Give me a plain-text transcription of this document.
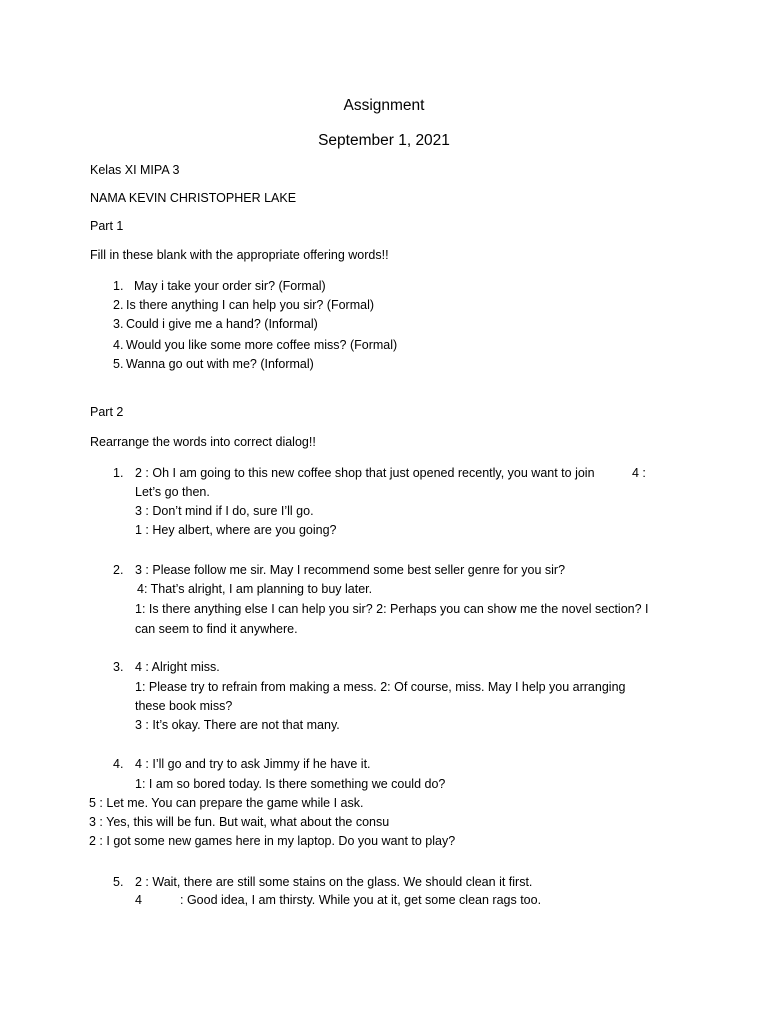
Assignment
September 1, 2021
Kelas XI MIPA 3
NAMA KEVIN CHRISTOPHER LAKE
Part 1
Fill in these blank with the appropriate offering words!!
1. May i take your order sir? (Formal)
2. Is there anything I can help you sir? (Formal)
3. Could i give me a hand? (Informal)
4. Would you like some more coffee miss? (Formal)
5. Wanna go out with me? (Informal)
Part 2
Rearrange the words into correct dialog!!
1. 2 : Oh I am going to this new coffee shop that just opened recently, you want to join	4 :
Let’s go then.
3 : Don’t mind if I do, sure I’ll go.
1 : Hey albert, where are you going?
2. 3 : Please follow me sir. May I recommend some best seller genre for you sir?
4: That’s alright, I am planning to buy later.
1: Is there anything else I can help you sir? 2: Perhaps you can show me the novel section? I
can seem to find it anywhere.
3. 4 : Alright miss.
1: Please try to refrain from making a mess. 2: Of course, miss. May I help you arranging
these book miss?
3 : It’s okay. There are not that many.
4. 4 : I’ll go and try to ask Jimmy if he have it.
1: I am so bored today. Is there something we could do?
5 : Let me. You can prepare the game while I ask.
3 : Yes, this will be fun. But wait, what about the consu
2 : I got some new games here in my laptop. Do you want to play?
5. 2 : Wait, there are still some stains on the glass. We should clean it first.
4	: Good idea, I am thirsty. While you at it, get some clean rags too.
